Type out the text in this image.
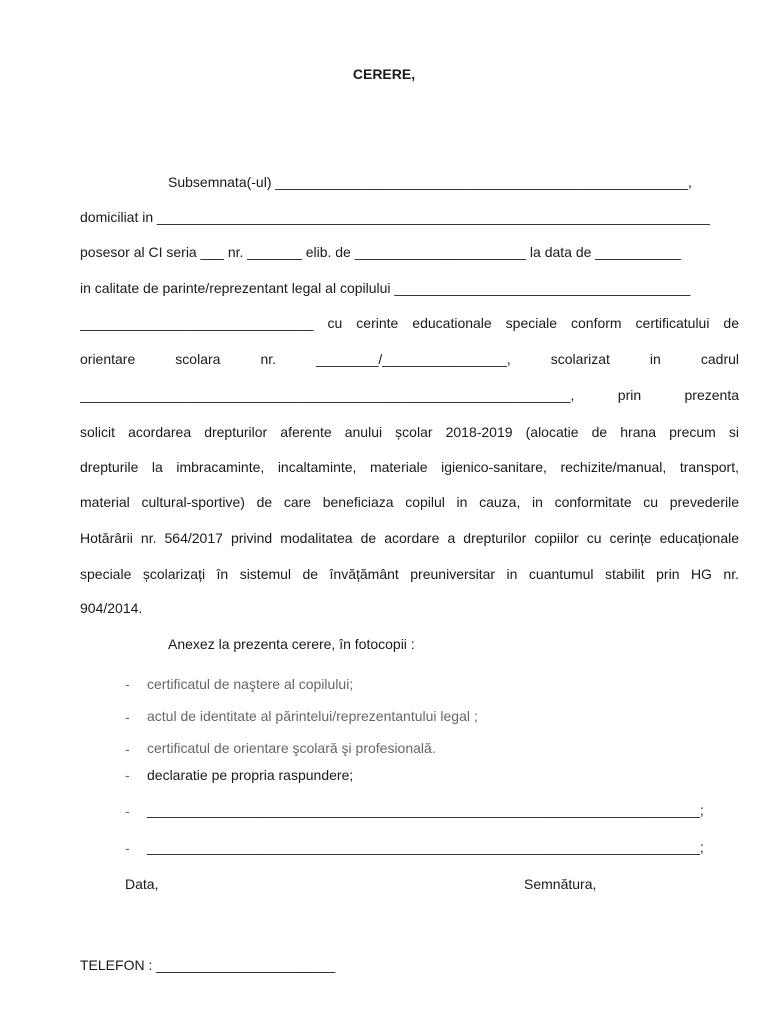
CERERE,
Subsemnata(-ul) _____________________________________________________,
domiciliat in _______________________________________________________________________
posesor al CI seria ___ nr. _______ elib. de ______________________ la data de ___________
in calitate de parinte/reprezentant legal al copilului ______________________________________
______________________________ cu cerinte educationale speciale conform certificatului de
orientare scolara nr. ________/________________, scolarizat in cadrul
_______________________________________________________________, prin prezenta
solicit acordarea drepturilor aferente anului școlar 2018-2019 (alocatie de hrana precum si
drepturile la imbracaminte, incaltaminte, materiale igienico-sanitare, rechizite/manual, transport,
material cultural-sportive) de care beneficiaza copilul in cauza, in conformitate cu prevederile
Hotărârii nr. 564/2017 privind modalitatea de acordare a drepturilor copiilor cu cerințe educaționale
speciale școlarizați în sistemul de învățământ preuniversitar in cuantumul stabilit prin HG nr.
904/2014.
Anexez la prezenta cerere, în fotocopii :
- certificatul de naştere al copilului;
- actul de identitate al părintelui/reprezentantului legal ;
- certificatul de orientare şcolară şi profesională.
- declaratie pe propria raspundere;
- _______________________________________________________________________;
- _______________________________________________________________________;
Data,	Semnătura,
TELEFON : _______________________
